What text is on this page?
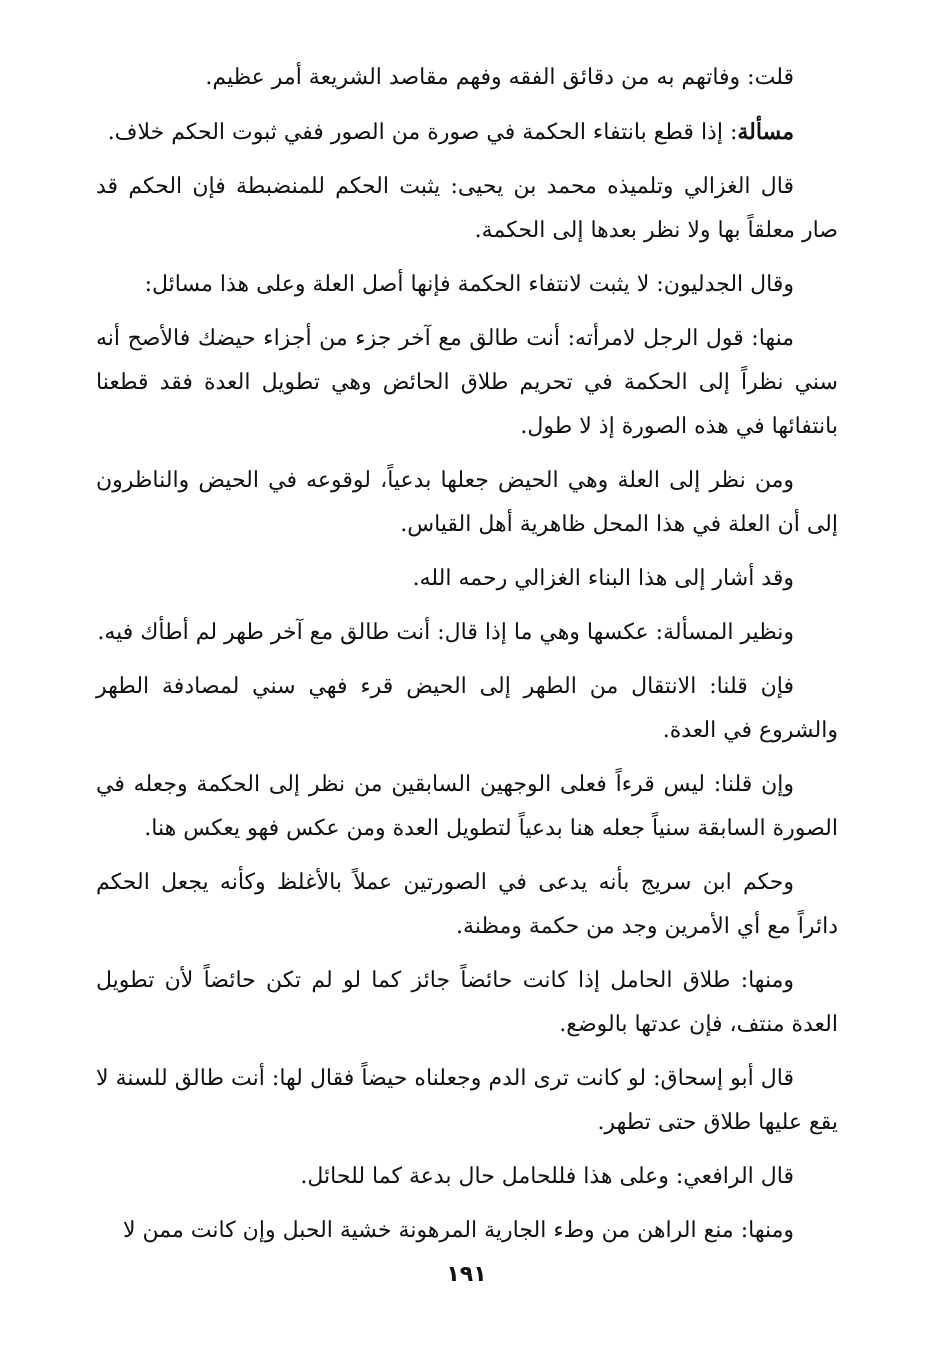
قلت: وفاتهم به من دقائق الفقه وفهم مقاصد الشريعة أمر عظيم.

مسألة: إذا قطع بانتفاء الحكمة في صورة من الصور ففي ثبوت الحكم خلاف.

قال الغزالي وتلميذه محمد بن يحيى: يثبت الحكم للمنضبطة فإن الحكم قد صار معلقاً بها ولا نظر بعدها إلى الحكمة.

وقال الجدليون: لا يثبت لانتفاء الحكمة فإنها أصل العلة وعلى هذا مسائل:

منها: قول الرجل لامرأته: أنت طالق مع آخر جزء من أجزاء حيضك فالأصح أنه سني نظراً إلى الحكمة في تحريم طلاق الحائض وهي تطويل العدة فقد قطعنا بانتفائها في هذه الصورة إذ لا طول.

ومن نظر إلى العلة وهي الحيض جعلها بدعياً، لوقوعه في الحيض والناظرون إلى أن العلة في هذا المحل ظاهرية أهل القياس.

وقد أشار إلى هذا البناء الغزالي رحمه الله.

ونظير المسألة: عكسها وهي ما إذا قال: أنت طالق مع آخر طهر لم أطأك فيه.

فإن قلنا: الانتقال من الطهر إلى الحيض قرء فهي سني لمصادفة الطهر والشروع في العدة.

وإن قلنا: ليس قرءاً فعلى الوجهين السابقين من نظر إلى الحكمة وجعله في الصورة السابقة سنياً جعله هنا بدعياً لتطويل العدة ومن عكس فهو يعكس هنا.

وحكم ابن سريج بأنه يدعى في الصورتين عملاً بالأغلظ وكأنه يجعل الحكم دائراً مع أي الأمرين وجد من حكمة ومظنة.

ومنها: طلاق الحامل إذا كانت حائضاً جائز كما لو لم تكن حائضاً لأن تطويل العدة منتف، فإن عدتها بالوضع.

قال أبو إسحاق: لو كانت ترى الدم وجعلناه حيضاً فقال لها: أنت طالق للسنة لا يقع عليها طلاق حتى تطهر.

قال الرافعي: وعلى هذا فللحامل حال بدعة كما للحائل.

ومنها: منع الراهن من وطء الجارية المرهونة خشية الحبل وإن كانت ممن لا

١٩١
